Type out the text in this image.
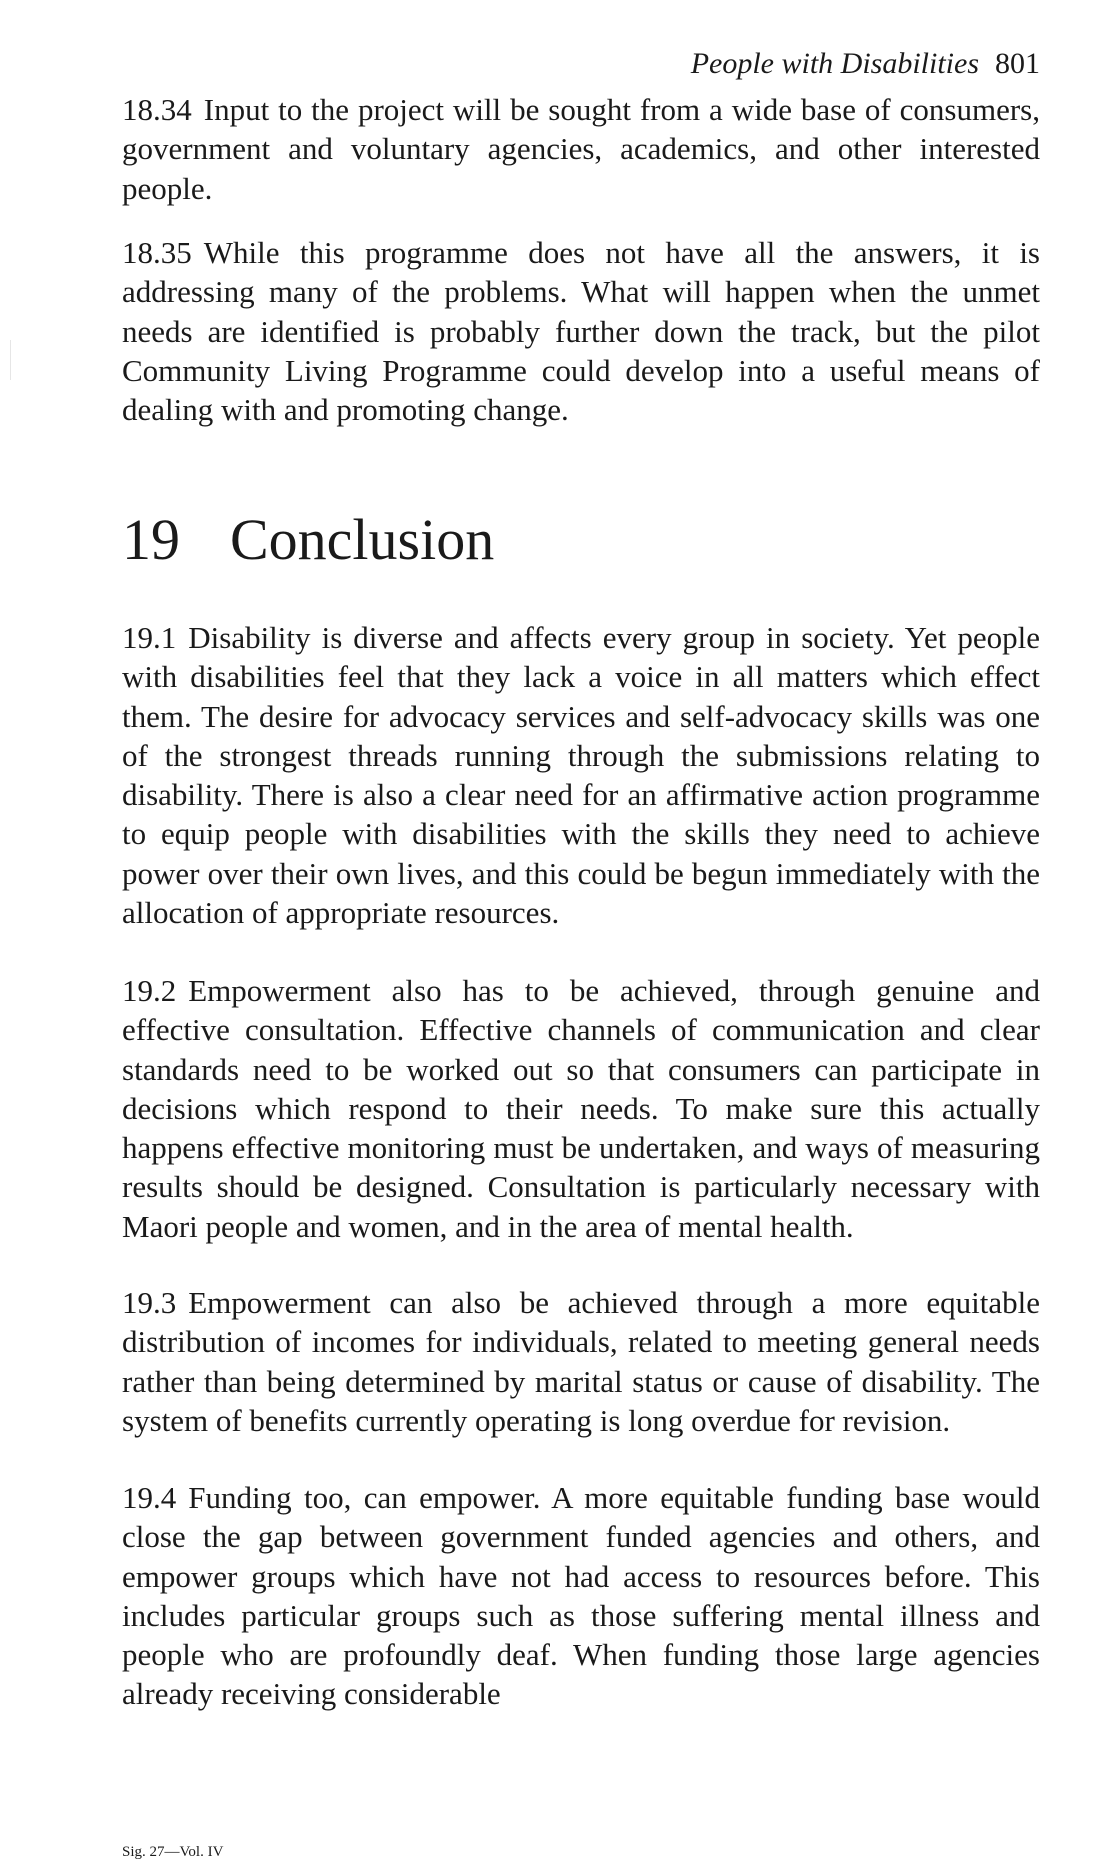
People with Disabilities 801

18.34 Input to the project will be sought from a wide base of consumers, government and voluntary agencies, academics, and other interested people.

18.35 While this programme does not have all the answers, it is addressing many of the problems. What will happen when the unmet needs are identified is probably further down the track, but the pilot Community Living Programme could develop into a useful means of dealing with and promoting change.

19 Conclusion

19.1 Disability is diverse and affects every group in society. Yet people with disabilities feel that they lack a voice in all matters which effect them. The desire for advocacy services and self-advocacy skills was one of the strongest threads running through the submissions relating to disability. There is also a clear need for an affirmative action programme to equip people with disabilities with the skills they need to achieve power over their own lives, and this could be begun immediately with the allocation of appropriate resources.

19.2 Empowerment also has to be achieved, through genuine and effective consultation. Effective channels of communication and clear standards need to be worked out so that consumers can participate in decisions which respond to their needs. To make sure this actually happens effective monitoring must be undertaken, and ways of measuring results should be designed. Consultation is particularly necessary with Maori people and women, and in the area of mental health.

19.3 Empowerment can also be achieved through a more equitable distribution of incomes for individuals, related to meeting general needs rather than being determined by marital status or cause of disability. The system of benefits currently operating is long overdue for revision.

19.4 Funding too, can empower. A more equitable funding base would close the gap between government funded agencies and others, and empower groups which have not had access to resources before. This includes particular groups such as those suffering mental illness and people who are profoundly deaf. When funding those large agencies already receiving considerable

Sig. 27—Vol. IV
